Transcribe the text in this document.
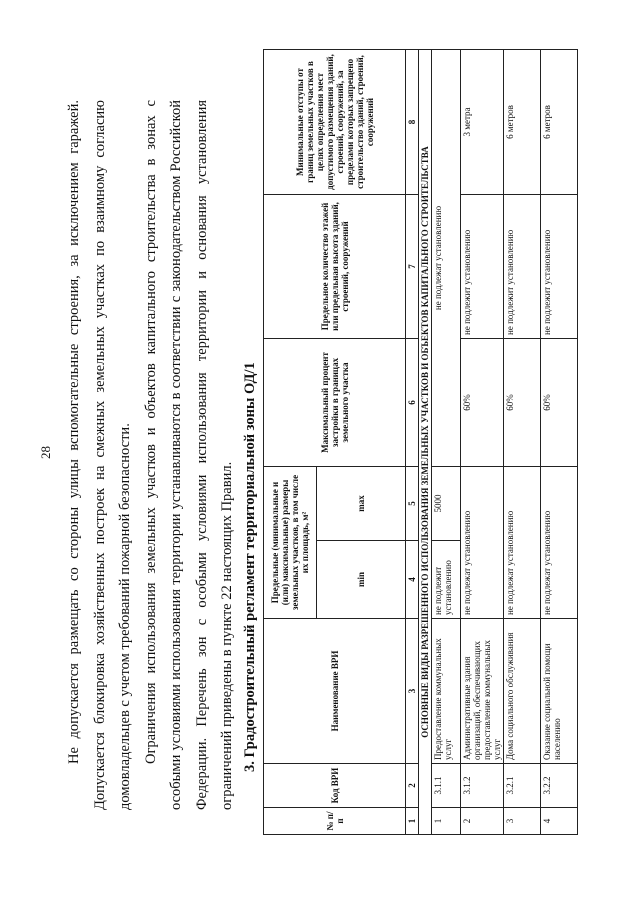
28 Не допускается размещать со стороны улицы вспомогательные строения, за исключением гаражей. Допускается блокировка хозяйственных построек на смежных земельных участках по взаимному согласию домовладельцев с учетом требований пожарной безопасности. Ограничения использования земельных участков и объектов капитального строительства в зонах с особыми условиями использования территории устанавливаются в соответствии с законодательством Российской Федерации. Перечень зон с особыми условиями использования территории и основания установления ограничений приведены в пункте 22 настоящих Правил. 3. Градостроительный регламент территориальной зоны ОД/1
№ п/п	Код ВРИ	Наименование ВРИ	Предельные (минимальные и (или) максимальные) размеры земельных участков, в том числе их площадь, м²		Максимальный процент застройки в границах земельного участка	Предельное количество этажей или предельная высота зданий, строений, сооружений	Минимальные отступы от границ земельных участков в целях определения мест допустимого размещения зданий, строений, сооружений, за пределами которых запрещено строительство зданий, строений, сооружений
			min	max			
1	2	3	4	5	6	7	8
ОСНОВНЫЕ ВИДЫ РАЗРЕШЕННОГО ИСПОЛЬЗОВАНИЯ ЗЕМЕЛЬНЫХ УЧАСТКОВ И ОБЪЕКТОВ КАПИТАЛЬНОГО СТРОИТЕЛЬСТВА							
1	3.1.1	Предоставление коммунальных услуг	не подлежит установлению	5000	не подлежат установлению		
2	3.1.2	Административные здания организаций, обеспечивающих предоставление коммунальных услуг	не подлежат установлению		60%	не подлежит установлению	3 метра
3	3.2.1	Дома социального обслуживания	не подлежат установлению		60%	не подлежит установлению	6 метров
4	3.2.2	Оказание социальной помощи населению	не подлежат установлению		60%	не подлежит установлению	6 метров
